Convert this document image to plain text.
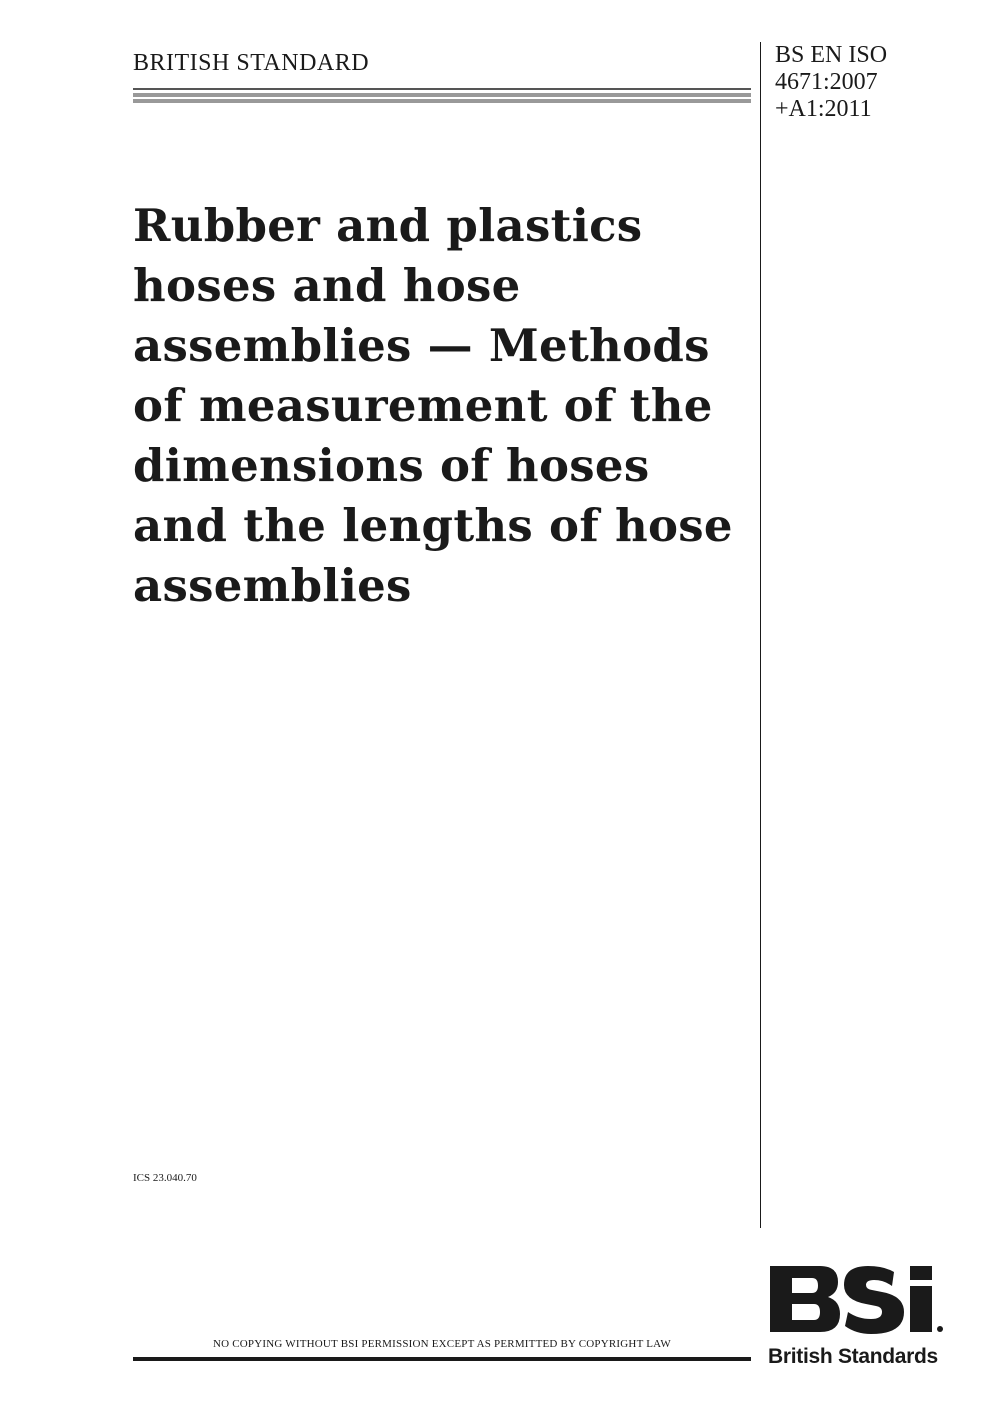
BRITISH STANDARD	BS EN ISO
4671:2007
+A1:2011
Rubber and plastics
hoses and hose
assemblies — Methods
of measurement of the
dimensions of hoses
and the lengths of hose
assemblies
ICS 23.040.70
NO COPYING WITHOUT BSI PERMISSION EXCEPT AS PERMITTED BY COPYRIGHT LAW
British Standards
